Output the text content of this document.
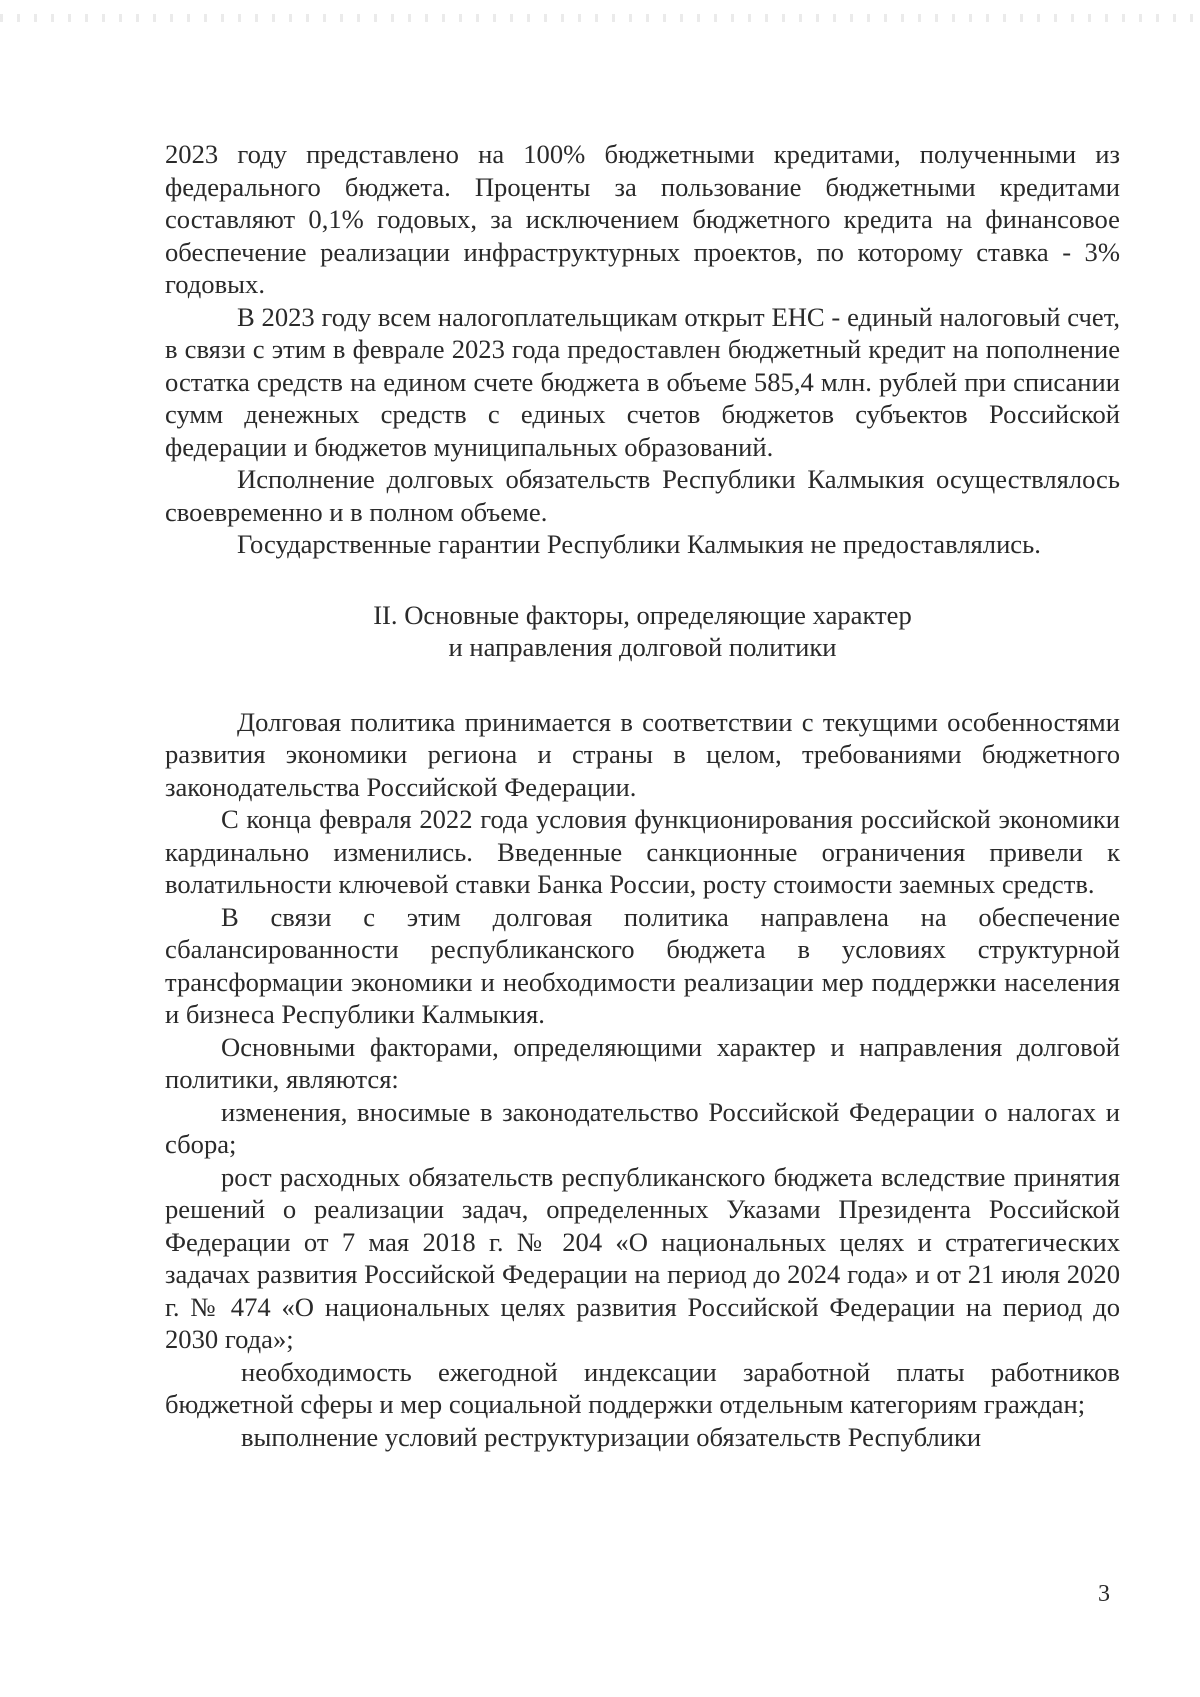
2023 году представлено на 100% бюджетными кредитами, полученными из федерального бюджета. Проценты за пользование бюджетными кредитами составляют 0,1% годовых, за исключением бюджетного кредита на финансовое обеспечение реализации инфраструктурных проектов, по которому ставка - 3% годовых.

В 2023 году всем налогоплательщикам открыт ЕНС - единый налоговый счет, в связи с этим в феврале 2023 года предоставлен бюджетный кредит на пополнение остатка средств на едином счете бюджета в объеме 585,4 млн. рублей при списании сумм денежных средств с единых счетов бюджетов субъектов Российской федерации и бюджетов муниципальных образований.

Исполнение долговых обязательств Республики Калмыкия осуществлялось своевременно и в полном объеме.

Государственные гарантии Республики Калмыкия не предоставлялись.

II. Основные факторы, определяющие характер
и направления долговой политики

Долговая политика принимается в соответствии с текущими особенностями развития экономики региона и страны в целом, требованиями бюджетного законодательства Российской Федерации.

С конца февраля 2022 года условия функционирования российской экономики кардинально изменились. Введенные санкционные ограничения привели к волатильности ключевой ставки Банка России, росту стоимости заемных средств.

В связи с этим долговая политика направлена на обеспечение сбалансированности республиканского бюджета в условиях структурной трансформации экономики и необходимости реализации мер поддержки населения и бизнеса Республики Калмыкия.

Основными факторами, определяющими характер и направления долговой политики, являются:

изменения, вносимые в законодательство Российской Федерации о налогах и сбора;

рост расходных обязательств республиканского бюджета вследствие принятия решений о реализации задач, определенных Указами Президента Российской Федерации от 7 мая 2018 г. № 204 «О национальных целях и стратегических задачах развития Российской Федерации на период до 2024 года» и от 21 июля 2020 г. № 474 «О национальных целях развития Российской Федерации на период до 2030 года»;

необходимость ежегодной индексации заработной платы работников бюджетной сферы и мер социальной поддержки отдельным категориям граждан;

выполнение условий реструктуризации обязательств Республики

3
